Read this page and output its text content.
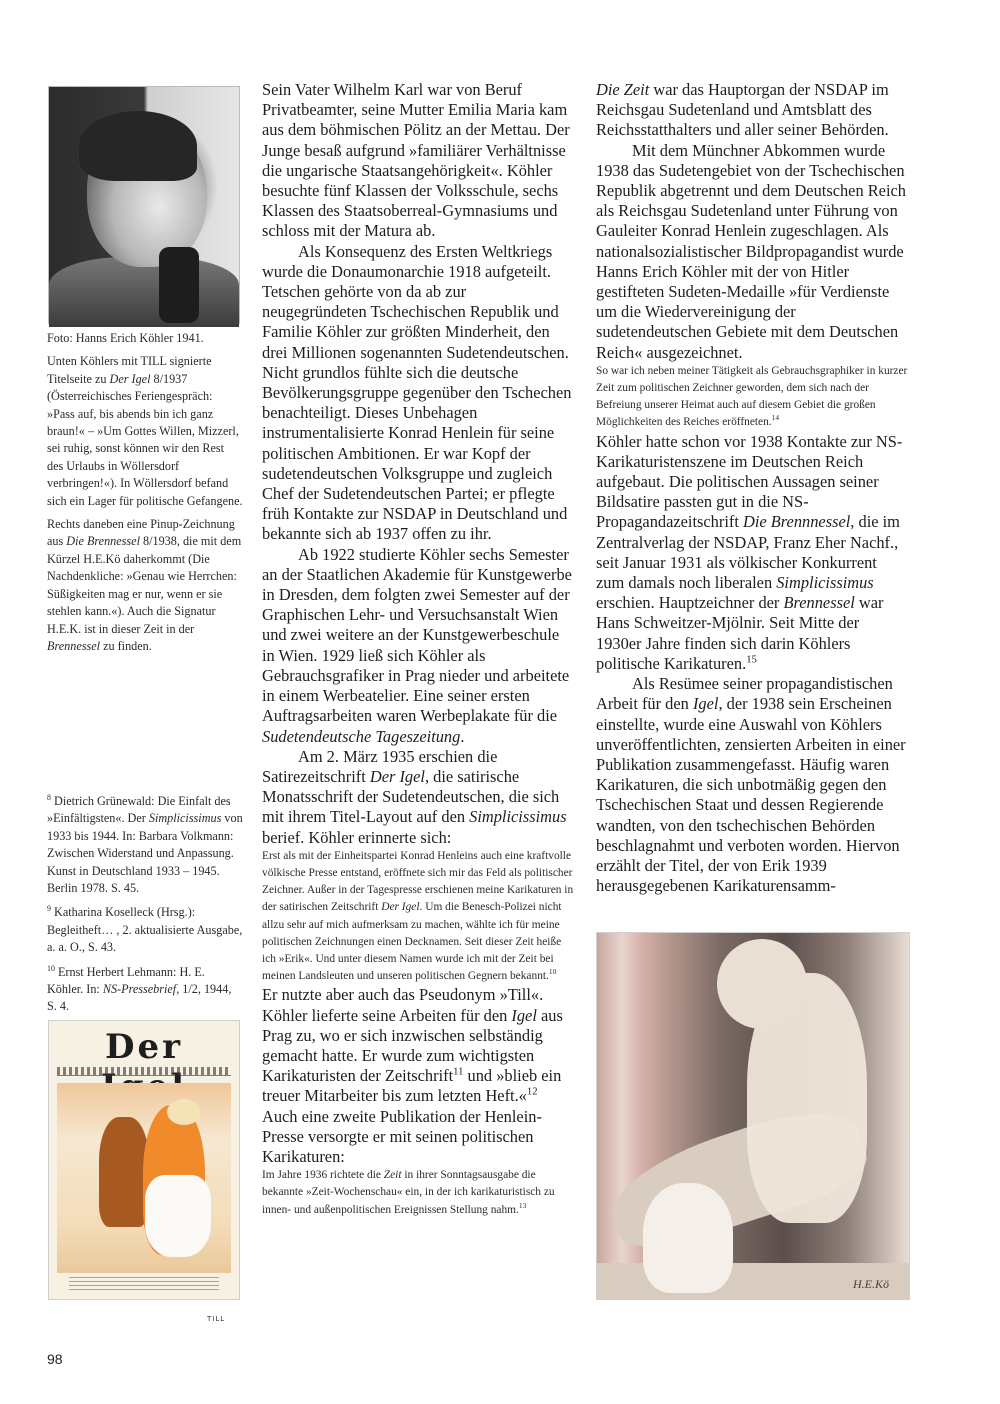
Foto: Hanns Erich Köhler 1941.

Unten Köhlers mit TILL signierte Titelseite zu Der Igel 8/1937 (Österreichisches Feriengespräch: »Pass auf, bis abends bin ich ganz braun!« – »Um Gottes Willen, Mizzerl, sei ruhig, sonst können wir den Rest des Urlaubs in Wöllersdorf verbringen!«). In Wöllersdorf befand sich ein Lager für politische Gefangene.

Rechts daneben eine Pinup-Zeichnung aus Die Brennessel 8/1938, die mit dem Kürzel H.E.Kö daherkommt (Die Nachdenkliche: »Genau wie Herrchen: Süßigkeiten mag er nur, wenn er sie stehlen kann.«). Auch die Signatur H.E.K. ist in dieser Zeit in der Brennessel zu finden.

$^8$ Dietrich Grünewald: Die Einfalt des »Einfältigsten«. Der Simplicissimus von 1933 bis 1944. In: Barbara Volkmann: Zwischen Widerstand und Anpassung. Kunst in Deutschland 1933 – 1945. Berlin 1978. S. 45.

$^9$ Katharina Koselleck (Hrsg.): Begleitheft… , 2. aktualisierte Ausgabe, a. a. O., S. 43.

$^{10}$ Ernst Herbert Lehmann: H. E. Köhler. In: NS-Pressebrief, 1/2, 1944, S. 4.

Der
TILL

Sein Vater Wilhelm Karl war von Beruf Privatbeamter, seine Mutter Emilia Maria kam aus dem böhmischen Pölitz an der Mettau. Der Junge besaß aufgrund »familiärer Verhältnisse die ungarische Staatsangehörigkeit«. Köhler besuchte fünf Klassen der Volksschule, sechs Klassen des Staatsoberreal-Gymnasiums und schloss mit der Matura ab.

Als Konsequenz des Ersten Weltkriegs wurde die Donaumonarchie 1918 aufgeteilt. Tetschen gehörte von da ab zur neugegründeten Tschechischen Republik und Familie Köhler zur größten Minderheit, den drei Millionen sogenannten Sudetendeutschen. Nicht grundlos fühlte sich die deutsche Bevölkerungsgruppe gegenüber den Tschechen benachteiligt. Dieses Unbehagen instrumentalisierte Konrad Henlein für seine politischen Ambitionen. Er war Kopf der sudetendeutschen Volksgruppe und zugleich Chef der Sudetendeutschen Partei; er pflegte früh Kontakte zur NSDAP in Deutschland und bekannte sich ab 1937 offen zu ihr.

Ab 1922 studierte Köhler sechs Semester an der Staatlichen Akademie für Kunstgewerbe in Dresden, dem folgten zwei Semester auf der Graphischen Lehr- und Versuchsanstalt Wien und zwei weitere an der Kunstgewerbeschule in Wien. 1929 ließ sich Köhler als Gebrauchsgrafiker in Prag nieder und arbeitete in einem Werbeatelier. Eine seiner ersten Auftragsarbeiten waren Werbeplakate für die Sudetendeutsche Tageszeitung.

Am 2. März 1935 erschien die Satirezeitschrift Der Igel, die satirische Monatsschrift der Sudetendeutschen, die sich mit ihrem Titel-Layout auf den Simplicissimus berief. Köhler erinnerte sich:

Erst als mit der Einheitspartei Konrad Henleins auch eine kraftvolle völkische Presse entstand, eröffnete sich mir das Feld als politischer Zeichner. Außer in der Tagespresse erschienen meine Karikaturen in der satirischen Zeitschrift Der Igel. Um die Benesch-Polizei nicht allzu sehr auf mich aufmerksam zu machen, wählte ich für meine politischen Zeichnungen einen Decknamen. Seit dieser Zeit heiße ich »Erik«. Und unter diesem Namen wurde ich mit der Zeit bei meinen Landsleuten und unseren politischen Gegnern bekannt.$^{10}$

Er nutzte aber auch das Pseudonym »Till«. Köhler lieferte seine Arbeiten für den Igel aus Prag zu, wo er sich inzwischen selbständig gemacht hatte. Er wurde zum wichtigsten Karikaturisten der Zeitschrift$^{11}$ und »blieb ein treuer Mitarbeiter bis zum letzten Heft.«$^{12}$ Auch eine zweite Publikation der Henlein-Presse versorgte er mit seinen politischen Karikaturen:

Im Jahre 1936 richtete die Zeit in ihrer Sonntagsausgabe die bekannte »Zeit-Wochenschau« ein, in der ich karikaturistisch zu innen- und außenpolitischen Ereignissen Stellung nahm.$^{13}$

Die Zeit war das Hauptorgan der NSDAP im Reichsgau Sudetenland und Amtsblatt des Reichsstatthalters und aller seiner Behörden.

Mit dem Münchner Abkommen wurde 1938 das Sudetengebiet von der Tschechischen Republik abgetrennt und dem Deutschen Reich als Reichsgau Sudetenland unter Führung von Gauleiter Konrad Henlein zugeschlagen. Als nationalsozialistischer Bildpropagandist wurde Hanns Erich Köhler mit der von Hitler gestifteten Sudeten-Medaille »für Verdienste um die Wiedervereinigung der sudetendeutschen Gebiete mit dem Deutschen Reich« ausgezeichnet.

So war ich neben meiner Tätigkeit als Gebrauchsgraphiker in kurzer Zeit zum politischen Zeichner geworden, dem sich nach der Befreiung unserer Heimat auch auf diesem Gebiet die großen Möglichkeiten des Reiches eröffneten.$^{14}$

Köhler hatte schon vor 1938 Kontakte zur NS-Karikaturistenszene im Deutschen Reich aufgebaut. Die politischen Aussagen seiner Bildsatire passten gut in die NS-Propagandazeitschrift Die Brennnessel, die im Zentralverlag der NSDAP, Franz Eher Nachf., seit Januar 1931 als völkischer Konkurrent zum damals noch liberalen Simplicissimus erschien. Hauptzeichner der Brennessel war Hans Schweitzer-Mjölnir. Seit Mitte der 1930er Jahre finden sich darin Köhlers politische Karikaturen.$^{15}$

Als Resümee seiner propagandistischen Arbeit für den Igel, der 1938 sein Erscheinen einstellte, wurde eine Auswahl von Köhlers unveröffentlichten, zensierten Arbeiten in einer Publikation zusammengefasst. Häufig waren Karikaturen, die sich unbotmäßig gegen den Tschechischen Staat und dessen Regierende wandten, von den tschechischen Behörden beschlagnahmt und verboten worden. Hiervon erzählt der Titel, der von Erik 1939 herausgegebenen Karikaturensamm-

H.E.Kö
98
